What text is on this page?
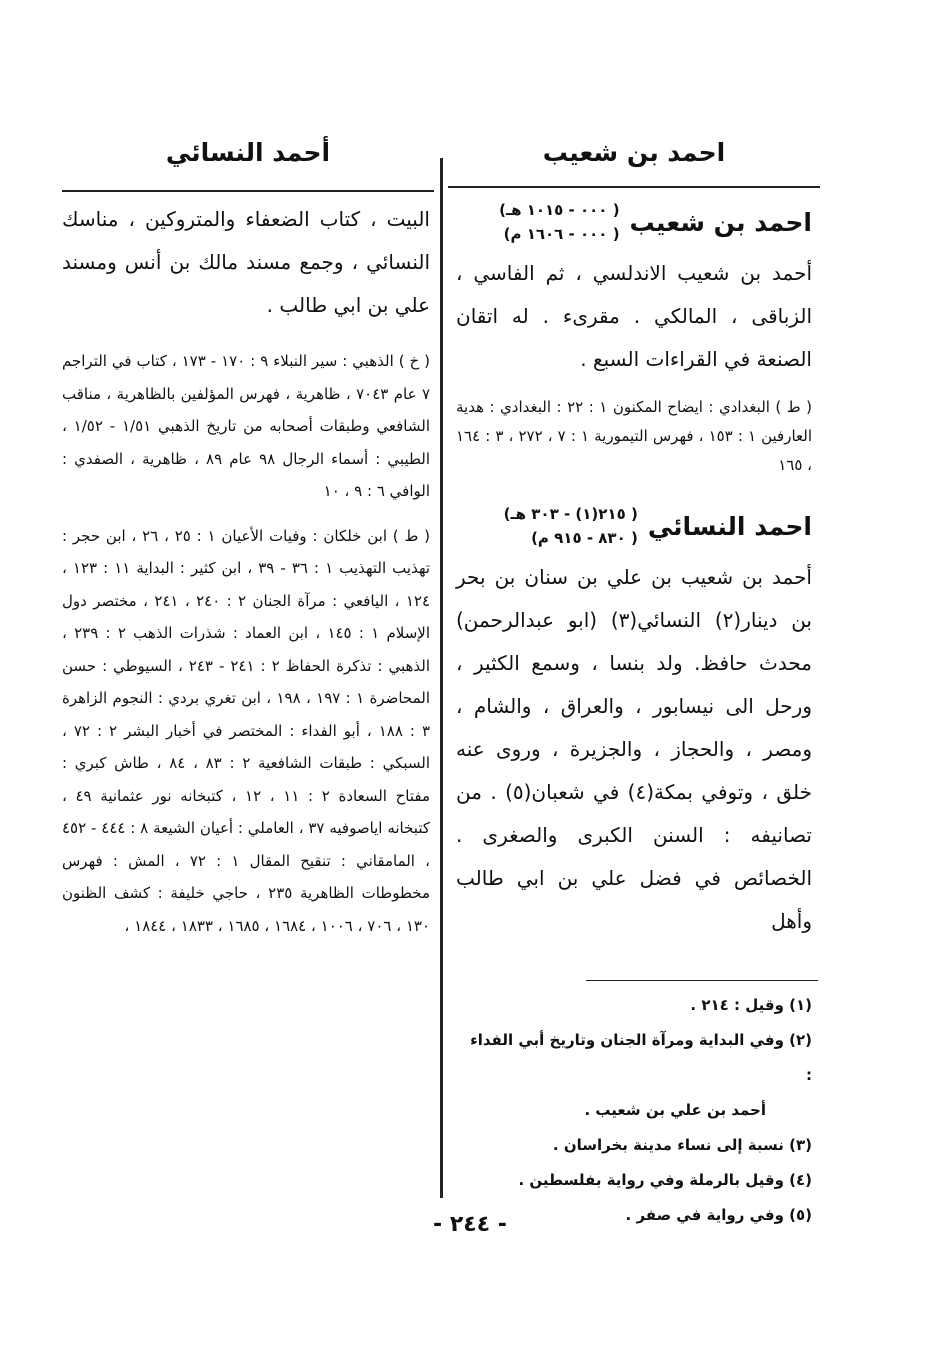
احمد بن شعيب
أحمد النسائي
احمد بن شعيب
( ٠٠٠ - ١٠١٥ هـ)
( ٠٠٠ - ١٦٠٦ م)
أحمد بن شعيب الاندلسي ، ثم الفاسي ، الزباقى ، المالكي . مقرىء . له اتقان الصنعة في القراءات السبع .
( ط ) البغدادي : ايضاح المكنون ١ : ٢٢ : البغدادي : هدية العارفين ١ : ١٥٣ ، فهرس التيمورية ١ : ٧ ، ٢٧٢ ، ٣ : ١٦٤ ، ١٦٥
احمد النسائي
( ٢١٥(١) - ٣٠٣ هـ)
( ٨٣٠ - ٩١٥ م)
أحمد بن شعيب بن علي بن سنان بن بحر بن دينار(٢) النسائي(٣) (ابو عبدالرحمن) محدث حافظ. ولد بنسا ، وسمع الكثير ، ورحل الى نيسابور ، والعراق ، والشام ، ومصر ، والحجاز ، والجزيرة ، وروى عنه خلق ، وتوفي بمكة(٤) في شعبان(٥) . من تصانيفه : السنن الكبرى والصغرى . الخصائص في فضل علي بن ابي طالب وأهل
(١) وقيل : ٢١٤ .
(٢) وفي البداية ومرآة الجنان وتاريخ أبي الفداء :
أحمد بن علي بن شعيب .
(٣) نسبة إلى نساء مدينة بخراسان .
(٤) وقيل بالرملة وفي رواية بفلسطين .
(٥) وفي رواية في صفر .
البيت ، كتاب الضعفاء والمتروكين ، مناسك النسائي ، وجمع مسند مالك بن أنس ومسند علي بن ابي طالب .
( خ ) الذهبي : سير النبلاء ٩ : ١٧٠ - ١٧٣ ، كتاب في التراجم ٧ عام ٧٠٤٣ ، ظاهرية ، فهرس المؤلفين بالظاهرية ، مناقب الشافعي وطبقات أصحابه من تاريخ الذهبي ١/٥١ - ١/٥٢ ، الطيبي : أسماء الرجال ٩٨ عام ٨٩ ، ظاهرية ، الصفدي : الوافي ٦ : ٩ ، ١٠
( ط ) ابن خلكان : وفيات الأعيان ١ : ٢٥ ، ٢٦ ، ابن حجر : تهذيب التهذيب ١ : ٣٦ - ٣٩ ، ابن كثير : البداية ١١ : ١٢٣ ، ١٢٤ ، اليافعي : مرآة الجنان ٢ : ٢٤٠ ، ٢٤١ ، مختصر دول الإسلام ١ : ١٤٥ ، ابن العماد : شذرات الذهب ٢ : ٢٣٩ ، الذهبي : تذكرة الحفاظ ٢ : ٢٤١ - ٢٤٣ ، السيوطي : حسن المحاضرة ١ : ١٩٧ ، ١٩٨ ، ابن تغري بردي : النجوم الزاهرة ٣ : ١٨٨ ، أبو الفداء : المختصر في أخبار البشر ٢ : ٧٢ ، السبكي : طبقات الشافعية ٢ : ٨٣ ، ٨٤ ، طاش كبري : مفتاح السعادة ٢ : ١١ ، ١٢ ، كتبخانه نور عثمانية ٤٩ ، كتبخانه اياصوفيه ٣٧ ، العاملي : أعيان الشيعة ٨ : ٤٤٤ - ٤٥٢ ، المامقاني : تنقيح المقال ١ : ٧٢ ، المش : فهرس مخطوطات الظاهرية ٢٣٥ ، حاجي خليفة : كشف الظنون ١٣٠ ، ٧٠٦ ، ١٠٠٦ ، ١٦٨٤ ، ١٦٨٥ ، ١٨٣٣ ، ١٨٤٤ ،
- ٢٤٤ -
